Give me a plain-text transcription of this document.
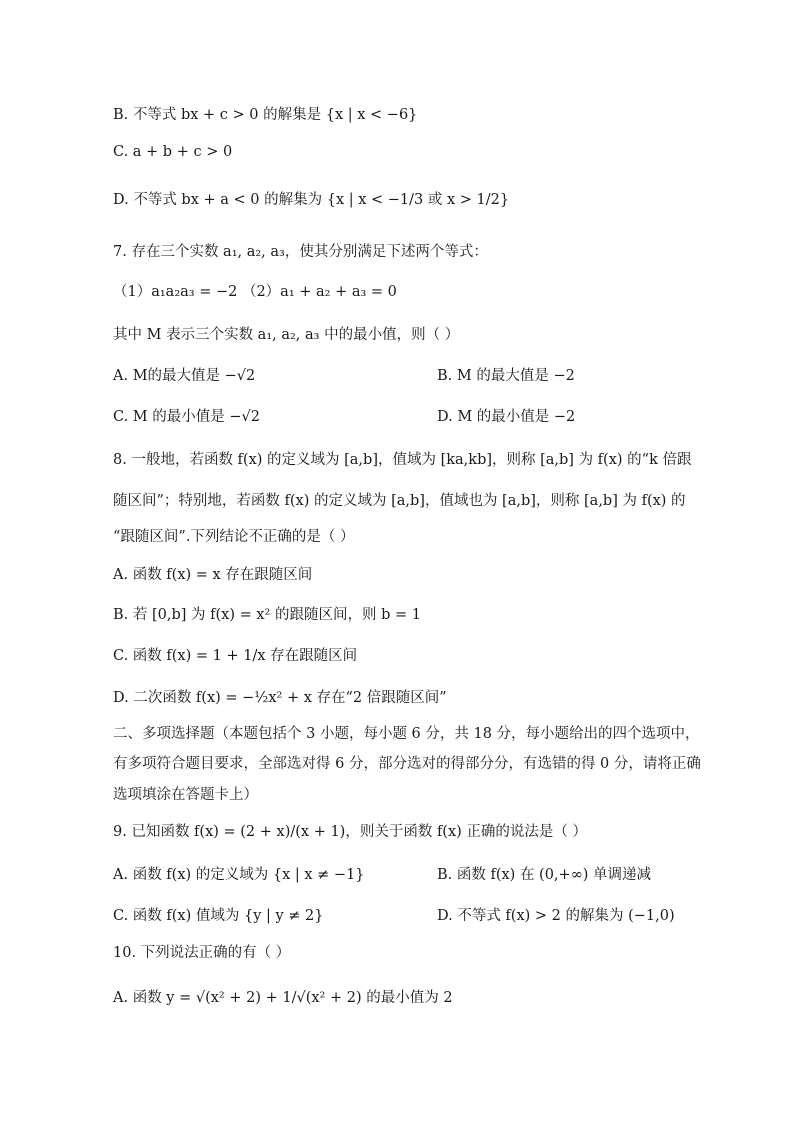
B. 不等式 bx + c > 0 的解集是 {x | x < −6}
C. a + b + c > 0
D. 不等式 bx + a < 0 的解集为 {x | x < −1/3 或 x > 1/2}
7. 存在三个实数 a₁, a₂, a₃，使其分别满足下述两个等式：
（1）a₁a₂a₃ = −2 （2）a₁ + a₂ + a₃ = 0
其中 M 表示三个实数 a₁, a₂, a₃ 中的最小值，则（ ）
A. M的最大值是 −√2	B. M 的最大值是 −2
C. M 的最小值是 −√2	D. M 的最小值是 −2
8. 一般地，若函数 f(x) 的定义域为 [a,b]，值域为 [ka,kb]，则称 [a,b] 为 f(x) 的“k 倍跟
随区间”；特别地，若函数 f(x) 的定义域为 [a,b]，值域也为 [a,b]，则称 [a,b] 为 f(x) 的
“跟随区间”.下列结论不正确的是（ ）
A. 函数 f(x) = x 存在跟随区间
B. 若 [0,b] 为 f(x) = x² 的跟随区间，则 b = 1
C. 函数 f(x) = 1 + 1/x 存在跟随区间
D. 二次函数 f(x) = −½x² + x 存在“2 倍跟随区间”
二、多项选择题（本题包括个 3 小题，每小题 6 分，共 18 分，每小题给出的四个选项中，
有多项符合题目要求，全部选对得 6 分，部分选对的得部分分，有选错的得 0 分，请将正确
选项填涂在答题卡上）
9. 已知函数 f(x) = (2 + x)/(x + 1)，则关于函数 f(x) 正确的说法是（ ）
A. 函数 f(x) 的定义域为 {x | x ≠ −1}	B. 函数 f(x) 在 (0,+∞) 单调递减
C. 函数 f(x) 值域为 {y | y ≠ 2}	D. 不等式 f(x) > 2 的解集为 (−1,0)
10. 下列说法正确的有（ ）
A. 函数 y = √(x² + 2) + 1/√(x² + 2) 的最小值为 2
